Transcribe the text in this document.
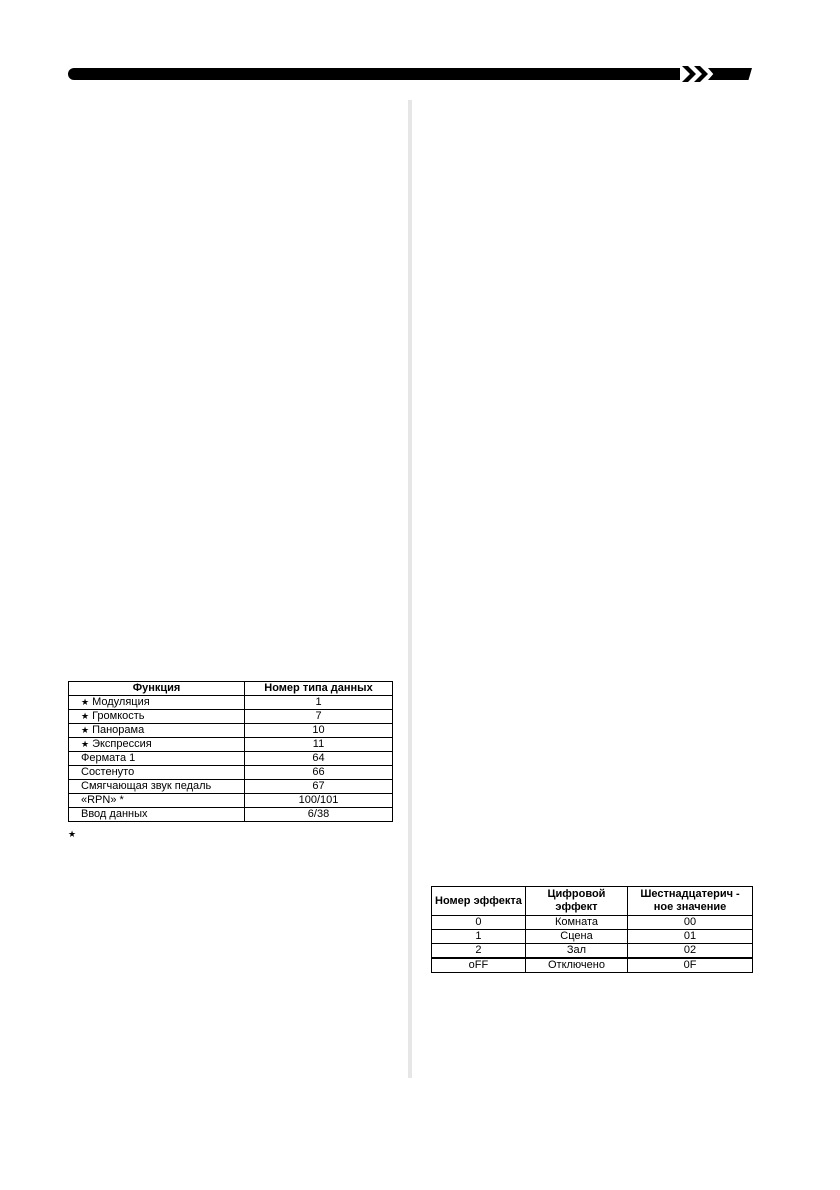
Функция	Номер типа данных
★ Модуляция	1
★ Громкость	7
★ Панорама	10
★ Экспрессия	11
Фермата 1	64
Состенуто	66
Смягчающая звук педаль	67
«RPN» *	100/101
Ввод данных	6/38
★
Номер эффекта	Цифровой эффект	Шестнадцатерич - ное значение
0	Комната	00
1	Сцена	01
2	Зал	02
oFF	Отключено	0F
